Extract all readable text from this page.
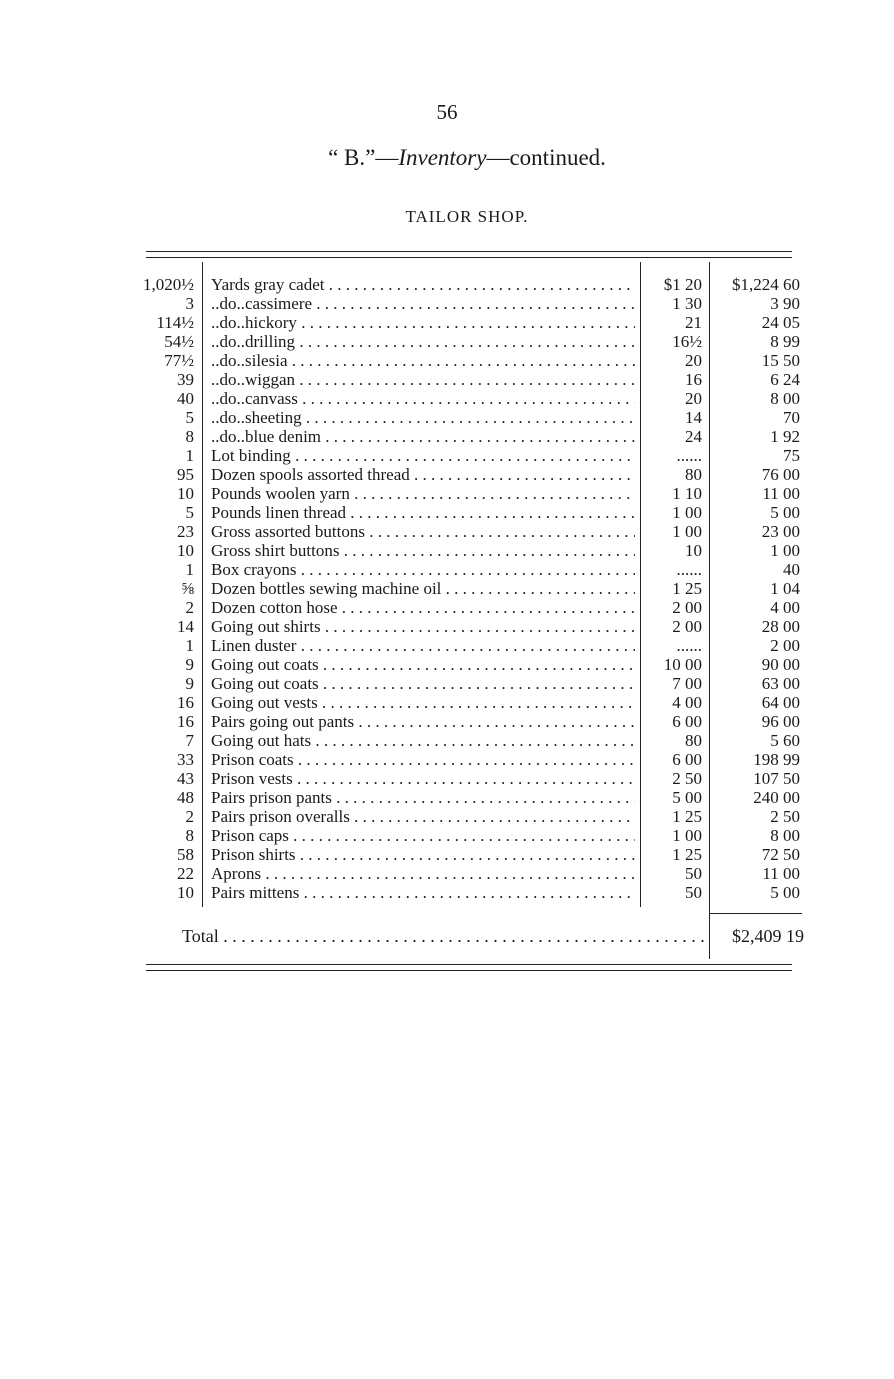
56
“ B.”—Inventory—continued.
TAILOR SHOP.
1,020½ Yards gray cadet . . .	$1 20	$1,224 60
3 ..do..cassimere . . .	1 30	3 90
114½ ..do..hickory . . .	21	24 05
54½ ..do..drilling . . .	16½	8 99
77½ ..do..silesia . . .	20	15 50
39 ..do..wiggan . . .	16	6 24
40 ..do..canvass . . .	20	8 00
5 ..do..sheeting . . .	14	70
8 ..do..blue denim . . .	24	1 92
1 Lot binding . . .	......	75
95 Dozen spools assorted thread . . .	80	76 00
10 Pounds woolen yarn . . .	1 10	11 00
5 Pounds linen thread . . .	1 00	5 00
23 Gross assorted buttons . . .	1 00	23 00
10 Gross shirt buttons . . .	10	1 00
1 Box crayons . . .	......	40
⅝ Dozen bottles sewing machine oil . . .	1 25	1 04
2 Dozen cotton hose . . .	2 00	4 00
14 Going out shirts . . .	2 00	28 00
1 Linen duster . . .	......	2 00
9 Going out coats . . .	10 00	90 00
9 Going out coats . . .	7 00	63 00
16 Going out vests . . .	4 00	64 00
16 Pairs going out pants . . .	6 00	96 00
7 Going out hats . . .	80	5 60
33 Prison coats . . .	6 00	198 99
43 Prison vests . . .	2 50	107 50
48 Pairs prison pants . . .	5 00	240 00
2 Pairs prison overalls . . .	1 25	2 50
8 Prison caps . . .	1 00	8 00
58 Prison shirts . . .	1 25	72 50
22 Aprons . . .	50	11 00
10 Pairs mittens . . .	50	5 00
Total . . .	$2,409 19
